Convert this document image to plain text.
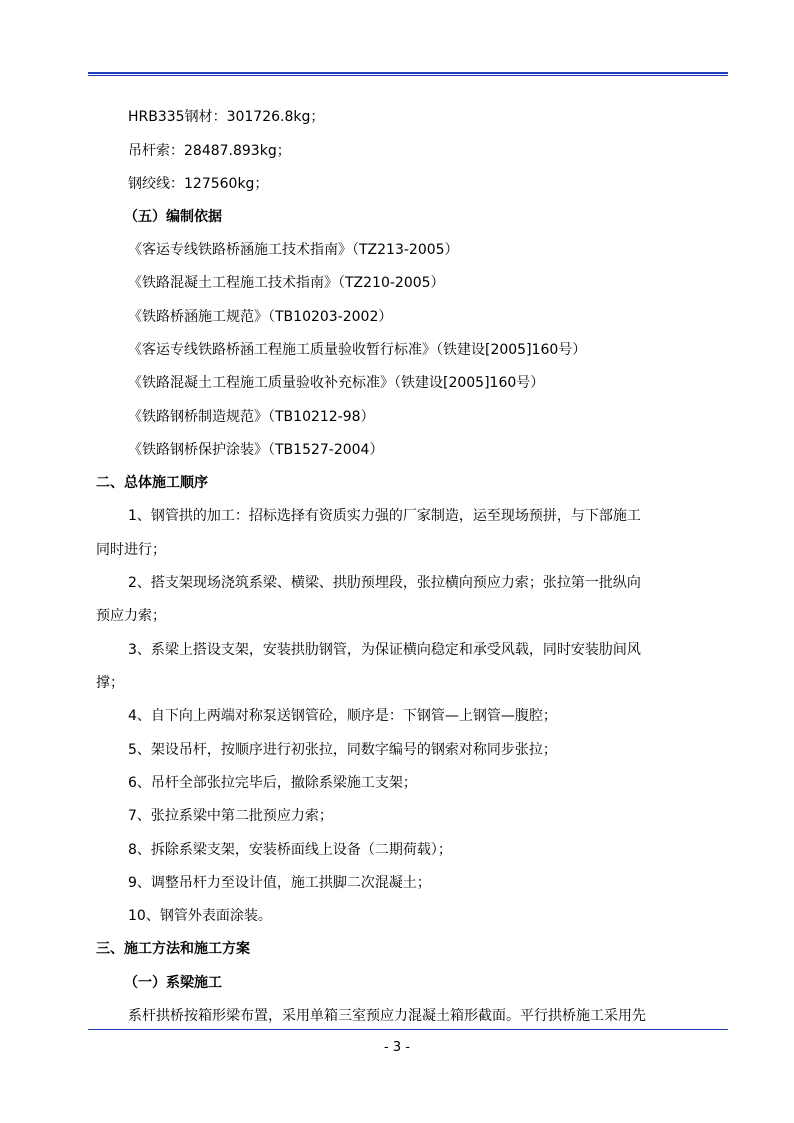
HRB335钢材：301726.8kg；
吊杆索：28487.893kg；
钢绞线：127560kg；
（五）编制依据
《客运专线铁路桥涵施工技术指南》（TZ213-2005）
《铁路混凝土工程施工技术指南》（TZ210-2005）
《铁路桥涵施工规范》（TB10203-2002）
《客运专线铁路桥涵工程施工质量验收暂行标准》（铁建设[2005]160号）
《铁路混凝土工程施工质量验收补充标准》（铁建设[2005]160号）
《铁路钢桥制造规范》（TB10212-98）
《铁路钢桥保护涂装》（TB1527-2004）
二、总体施工顺序
1、钢管拱的加工：招标选择有资质实力强的厂家制造，运至现场预拼，与下部施工
同时进行；
2、搭支架现场浇筑系梁、横梁、拱肋预埋段，张拉横向预应力索；张拉第一批纵向
预应力索；
3、系梁上搭设支架，安装拱肋钢管，为保证横向稳定和承受风载，同时安装肋间风
撑；
4、自下向上两端对称泵送钢管砼，顺序是：下钢管—上钢管—腹腔；
5、架设吊杆，按顺序进行初张拉，同数字编号的钢索对称同步张拉；
6、吊杆全部张拉完毕后，撤除系梁施工支架；
7、张拉系梁中第二批预应力索；
8、拆除系梁支架，安装桥面线上设备（二期荷载）；
9、调整吊杆力至设计值，施工拱脚二次混凝土；
10、钢管外表面涂装。
三、施工方法和施工方案
（一）系梁施工
系杆拱桥按箱形梁布置，采用单箱三室预应力混凝土箱形截面。平行拱桥施工采用先
- 3 -
